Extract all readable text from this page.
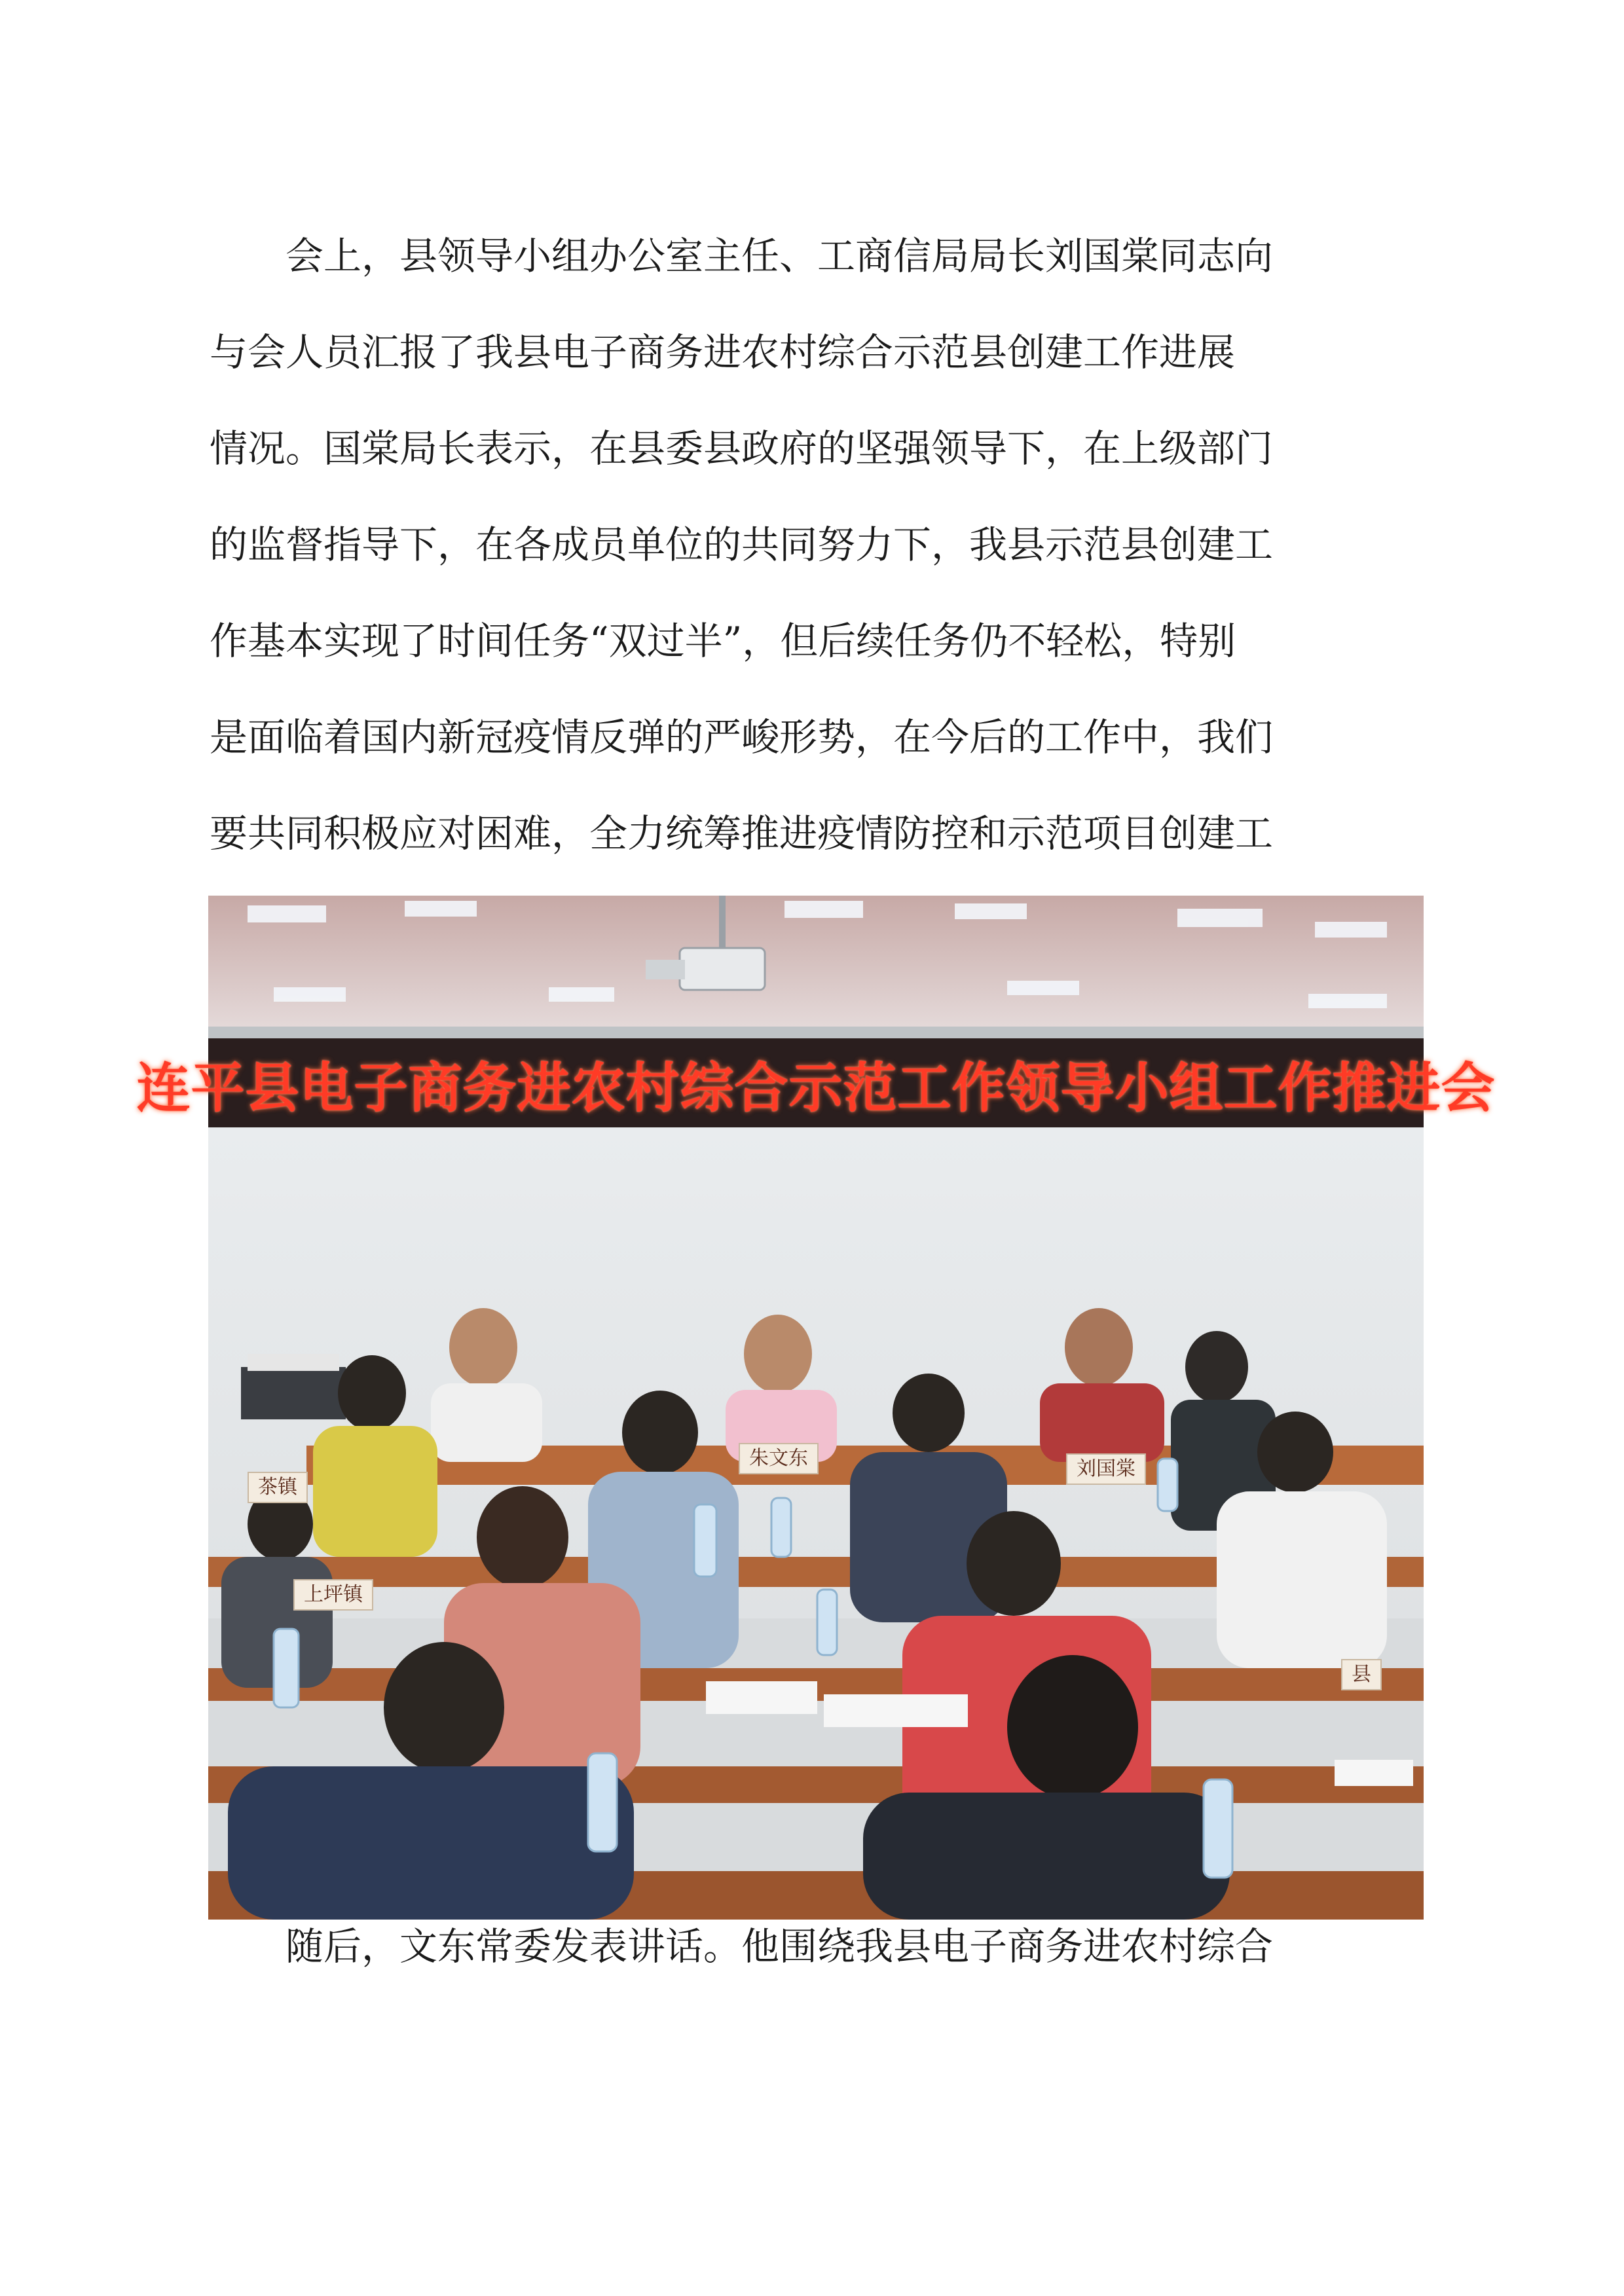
会上，县领导小组办公室主任、工商信局局长刘国棠同志向
与会人员汇报了我县电子商务进农村综合示范县创建工作进展
情况。国棠局长表示，在县委县政府的坚强领导下，在上级部门
的监督指导下，在各成员单位的共同努力下，我县示范县创建工
作基本实现了时间任务“双过半”，但后续任务仍不轻松，特别
是面临着国内新冠疫情反弹的严峻形势，在今后的工作中，我们
要共同积极应对困难，全力统筹推进疫情防控和示范项目创建工
连平县电子商务进农村综合示范工作领导小组工作推进会
朱文东	刘国棠
上坪镇
茶镇
县
随后，文东常委发表讲话。他围绕我县电子商务进农村综合
